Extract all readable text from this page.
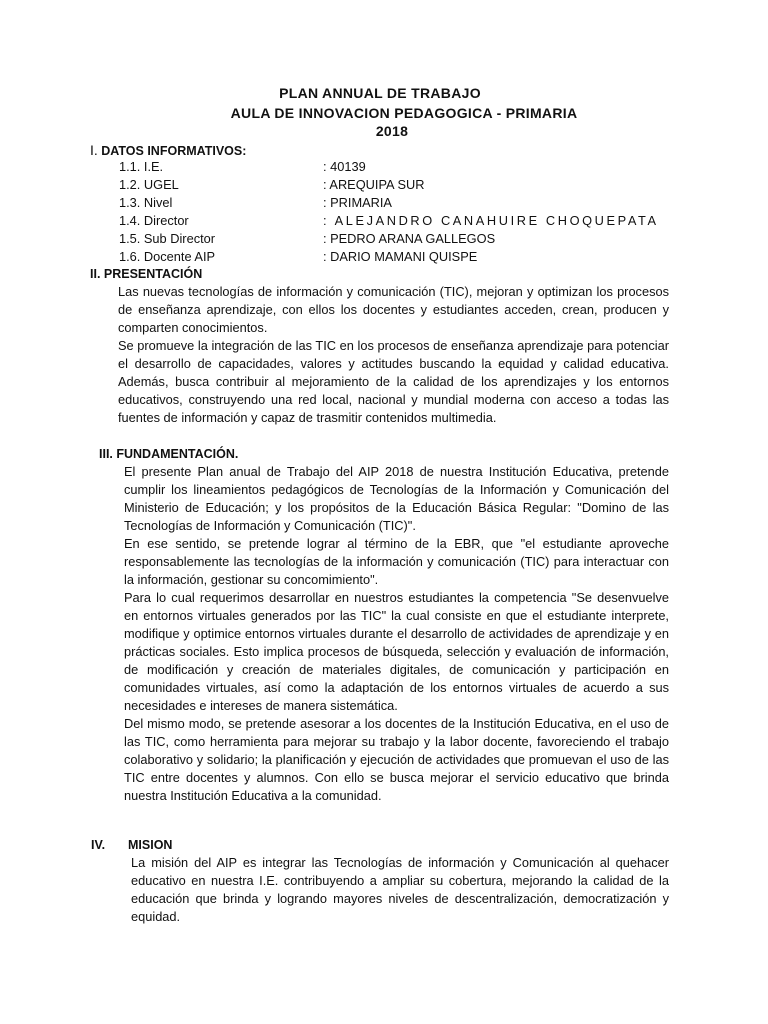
PLAN ANNUAL DE TRABAJO
AULA DE INNOVACION PEDAGOGICA - PRIMARIA
2018
I. DATOS INFORMATIVOS:
1.1. I.E.	: 40139
1.2. UGEL	: AREQUIPA SUR
1.3. Nivel	: PRIMARIA
1.4. Director	: ALEJANDRO CANAHUIRE CHOQUEPATA
1.5. Sub Director	: PEDRO ARANA GALLEGOS
1.6. Docente AIP	: DARIO MAMANI QUISPE
II. PRESENTACIÓN

Las nuevas tecnologías de información y comunicación (TIC), mejoran y optimizan los procesos de enseñanza aprendizaje, con ellos los docentes y estudiantes acceden, crean, producen y comparten conocimientos.

Se promueve la integración de las TIC en los procesos de enseñanza aprendizaje para potenciar el desarrollo de capacidades, valores y actitudes buscando la equidad y calidad educativa. Además, busca contribuir al mejoramiento de la calidad de los aprendizajes y los entornos educativos, construyendo una red local, nacional y mundial moderna con acceso a todas las fuentes de información y capaz de trasmitir contenidos multimedia.

III. FUNDAMENTACIÓN.

El presente Plan anual de Trabajo del AIP 2018 de nuestra Institución Educativa, pretende cumplir los lineamientos pedagógicos de Tecnologías de la Información y Comunicación del Ministerio de Educación; y los propósitos de la Educación Básica Regular: "Domino de las Tecnologías de Información y Comunicación (TIC)".

En ese sentido, se pretende lograr al término de la EBR, que "el estudiante aproveche responsablemente las tecnologías de la información y comunicación (TIC) para interactuar con la información, gestionar su concomimiento".

Para lo cual requerimos desarrollar en nuestros estudiantes la competencia "Se desenvuelve en entornos virtuales generados por las TIC" la cual consiste en que el estudiante interprete, modifique y optimice entornos virtuales durante el desarrollo de actividades de aprendizaje y en prácticas sociales. Esto implica procesos de búsqueda, selección y evaluación de información, de modificación y creación de materiales digitales, de comunicación y participación en comunidades virtuales, así como la adaptación de los entornos virtuales de acuerdo a sus necesidades e intereses de manera sistemática.

Del mismo modo, se pretende asesorar a los docentes de la Institución Educativa, en el uso de las TIC, como herramienta para mejorar su trabajo y la labor docente, favoreciendo el trabajo colaborativo y solidario; la planificación y ejecución de actividades que promuevan el uso de las TIC entre docentes y alumnos. Con ello se busca mejorar el servicio educativo que brinda nuestra Institución Educativa a la comunidad.

IV. MISION

La misión del AIP es integrar las Tecnologías de información y Comunicación al quehacer educativo en nuestra I.E. contribuyendo a ampliar su cobertura, mejorando la calidad de la educación que brinda y logrando mayores niveles de descentralización, democratización y equidad.
